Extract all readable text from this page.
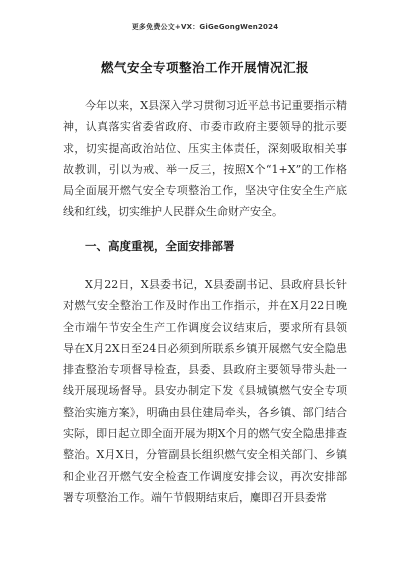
更多免费公文+VX：GiGeGongWen2024
燃气安全专项整治工作开展情况汇报

今年以来，X县深入学习贯彻习近平总书记重要指示精神，认真落实省委省政府、市委市政府主要领导的批示要求，切实提高政治站位、压实主体责任，深刻吸取相关事故教训，引以为戒、举一反三，按照X个“1+X”的工作格局全面展开燃气安全专项整治工作，坚决守住安全生产底线和红线，切实维护人民群众生命财产安全。

一、高度重视，全面安排部署

X月22日，X县委书记，X县委副书记、县政府县长针对燃气安全整治工作及时作出工作指示，并在X月22日晚全市端午节安全生产工作调度会议结束后，要求所有县领导在X月2X日至24日必须到所联系乡镇开展燃气安全隐患排查整治专项督导检查，县委、县政府主要领导带头赴一线开展现场督导。县安办制定下发《县城镇燃气安全专项整治实施方案》，明确由县住建局牵头，各乡镇、部门结合实际，即日起立即全面开展为期X个月的燃气安全隐患排查整治。X月X日，分管副县长组织燃气安全相关部门、乡镇和企业召开燃气安全检查工作调度安排会议，再次安排部署专项整治工作。端午节假期结束后，麋即召开县委常
